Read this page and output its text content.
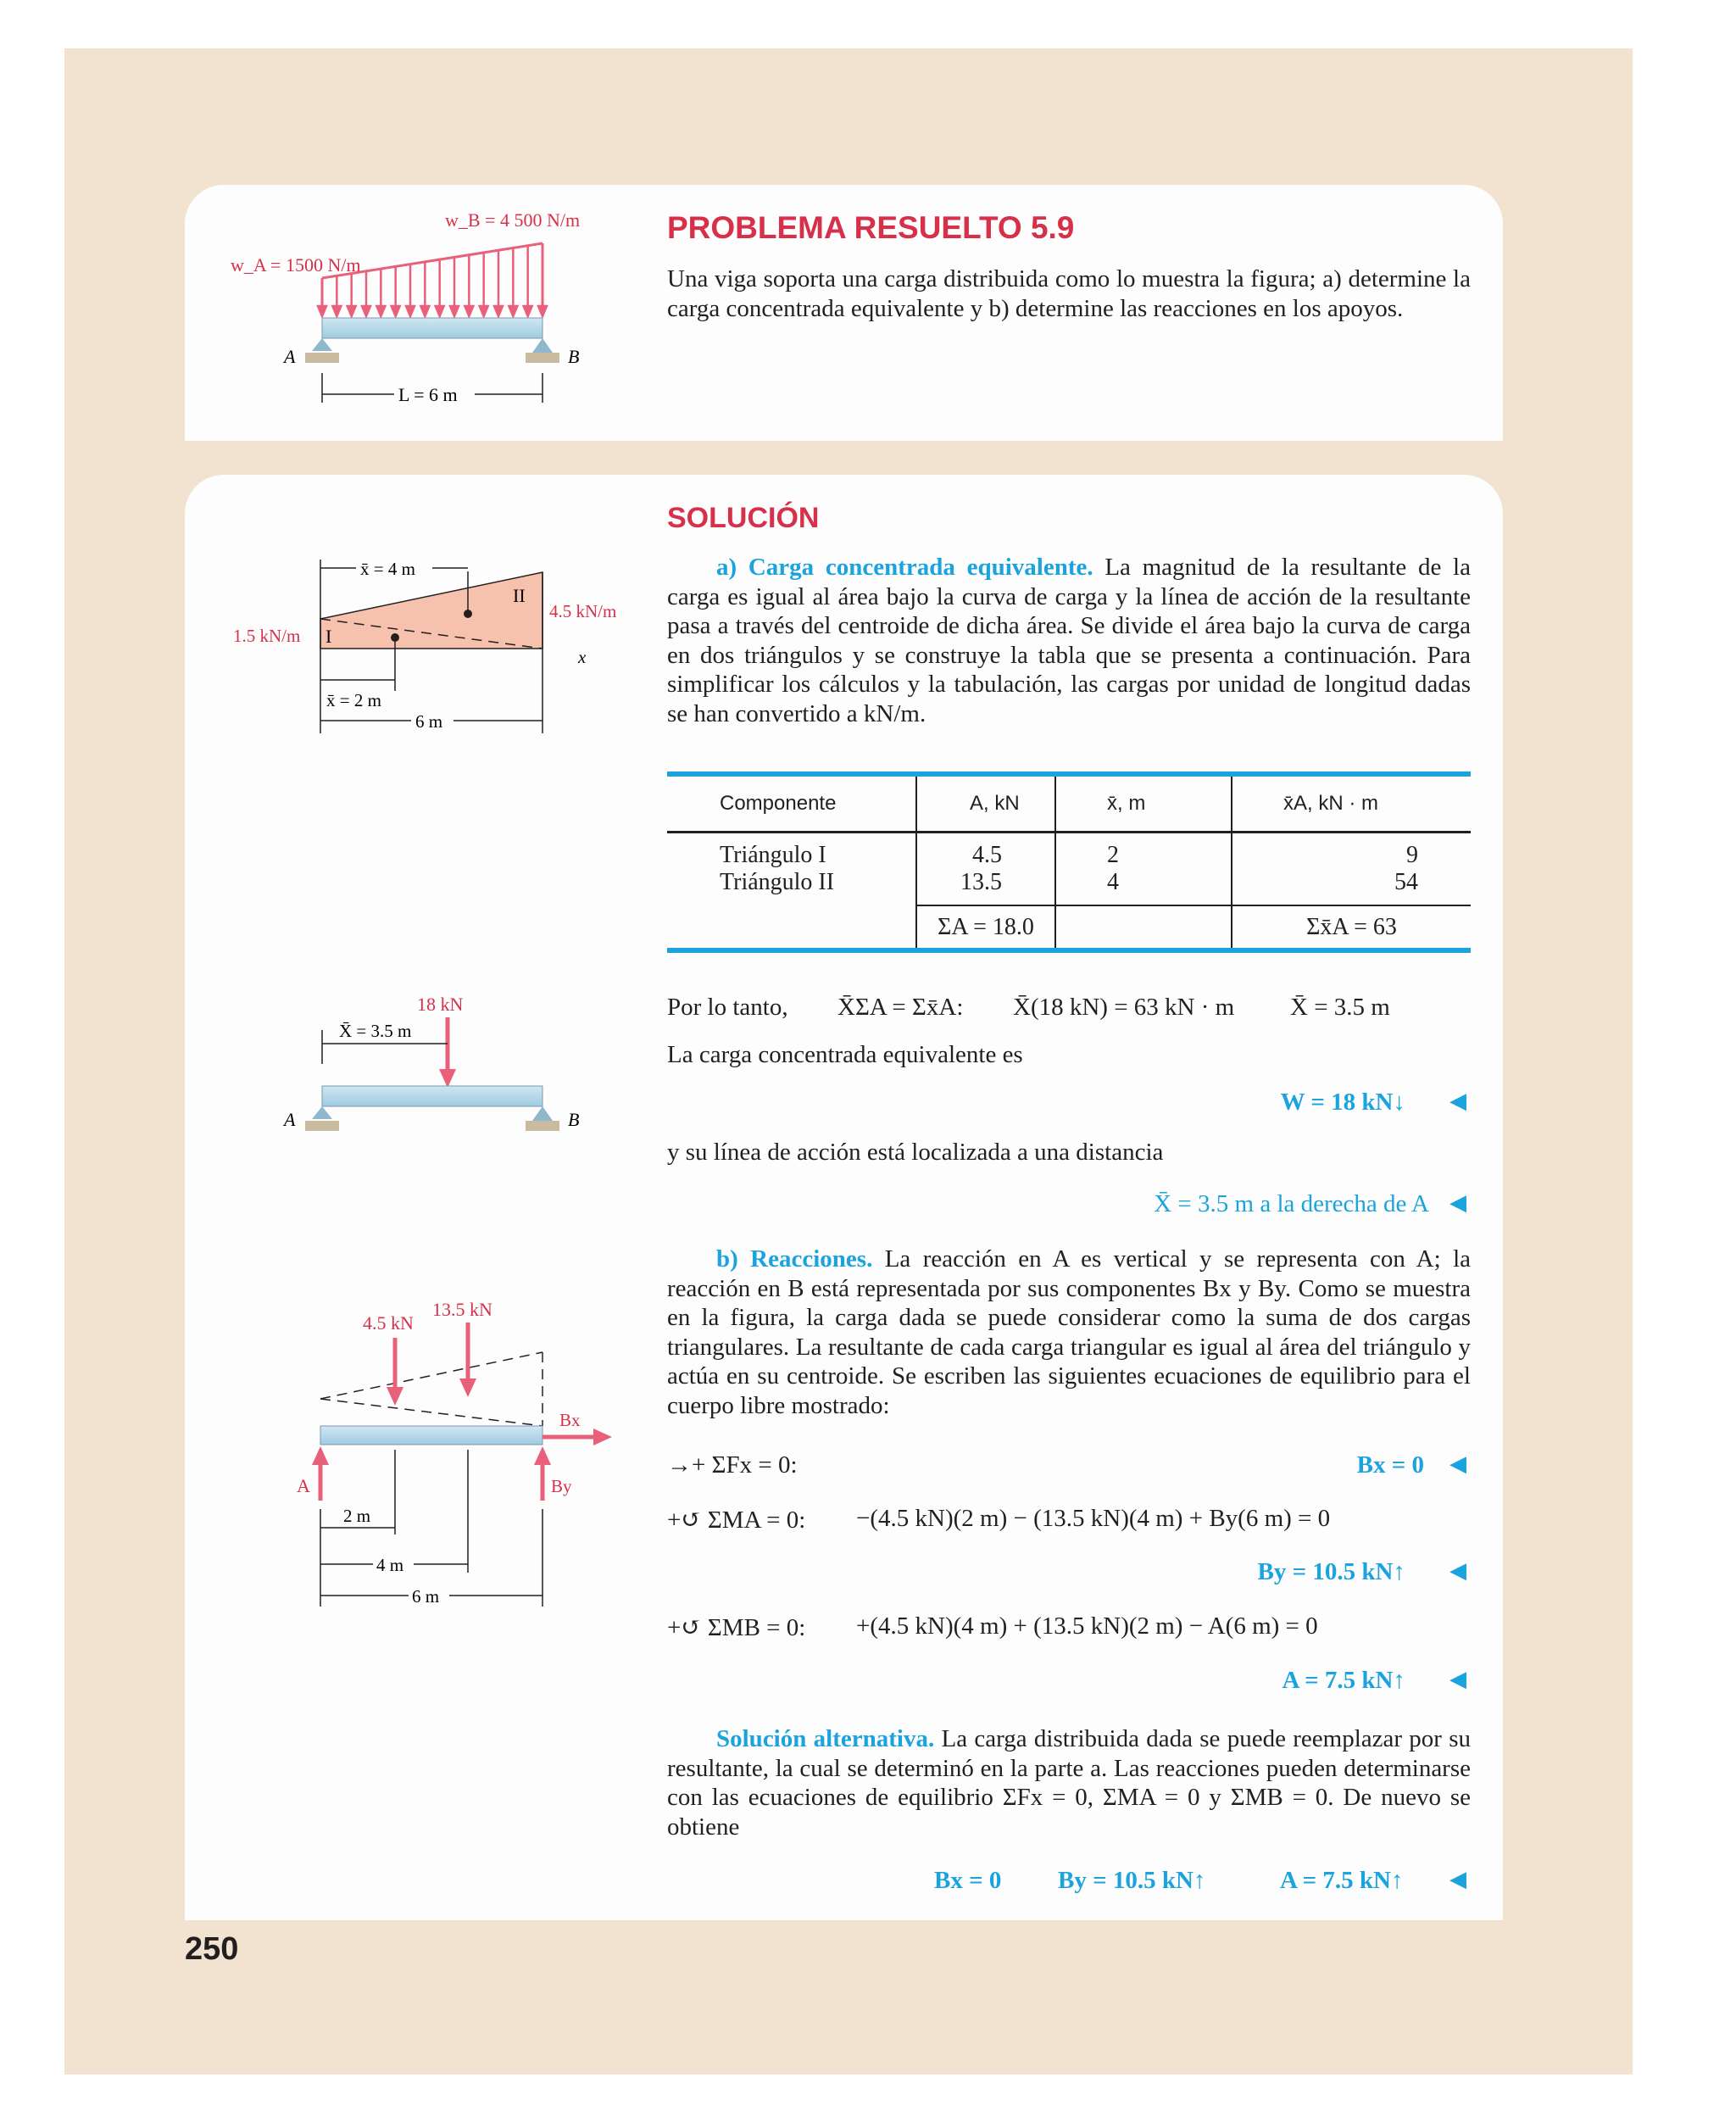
PROBLEMA RESUELTO 5.9
Una viga soporta una carga distribuida como lo muestra la figura; a) determine la carga concentrada equivalente y b) determine las reacciones en los apoyos.
w_B = 4 500 N/m
w_A = 1500 N/m
A	B
L = 6 m
SOLUCIÓN
a) Carga concentrada equivalente. La magnitud de la resultante de la carga es igual al área bajo la curva de carga y la línea de acción de la resultante pasa a través del centroide de dicha área. Se divide el área bajo la curva de carga en dos triángulos y se construye la tabla que se presenta a continuación. Para simplificar los cálculos y la tabulación, las cargas por unidad de longitud dadas se han convertido a kN/m.
x̄ = 4 m
II
I
4.5 kN/m
1.5 kN/m
x
x̄ = 2 m
6 m
Componente	A, kN	x̄, m	x̄A, kN · m
Triángulo I	4.5	2	9
Triángulo II	13.5	4	54
	ΣA = 18.0		Σx̄A = 63
Por lo tanto, X̄ΣA = Σx̄A: X̄(18 kN) = 63 kN · m X̄ = 3.5 m
La carga concentrada equivalente es
W = 18 kN↓ ◀
y su línea de acción está localizada a una distancia
X̄ = 3.5 m a la derecha de A ◀
18 kN
X̄ = 3.5 m
A	B
b) Reacciones. La reacción en A es vertical y se representa con A; la reacción en B está representada por sus componentes Bx y By. Como se muestra en la figura, la carga dada se puede considerar como la suma de dos cargas triangulares. La resultante de cada carga triangular es igual al área del triángulo y actúa en su centroide. Se escriben las siguientes ecuaciones de equilibrio para el cuerpo libre mostrado:
→+ ΣFx = 0:	Bx = 0 ◀
+↺ ΣMA = 0: −(4.5 kN)(2 m) − (13.5 kN)(4 m) + By(6 m) = 0
By = 10.5 kN↑ ◀
+↺ ΣMB = 0: +(4.5 kN)(4 m) + (13.5 kN)(2 m) − A(6 m) = 0
A = 7.5 kN↑ ◀
4.5 kN
13.5 kN
Bx
A	By
2 m
4 m
6 m
Solución alternativa. La carga distribuida dada se puede reemplazar por su resultante, la cual se determinó en la parte a. Las reacciones pueden determinarse con las ecuaciones de equilibrio ΣFx = 0, ΣMA = 0 y ΣMB = 0. De nuevo se obtiene
Bx = 0 By = 10.5 kN↑	A = 7.5 kN↑ ◀
250
